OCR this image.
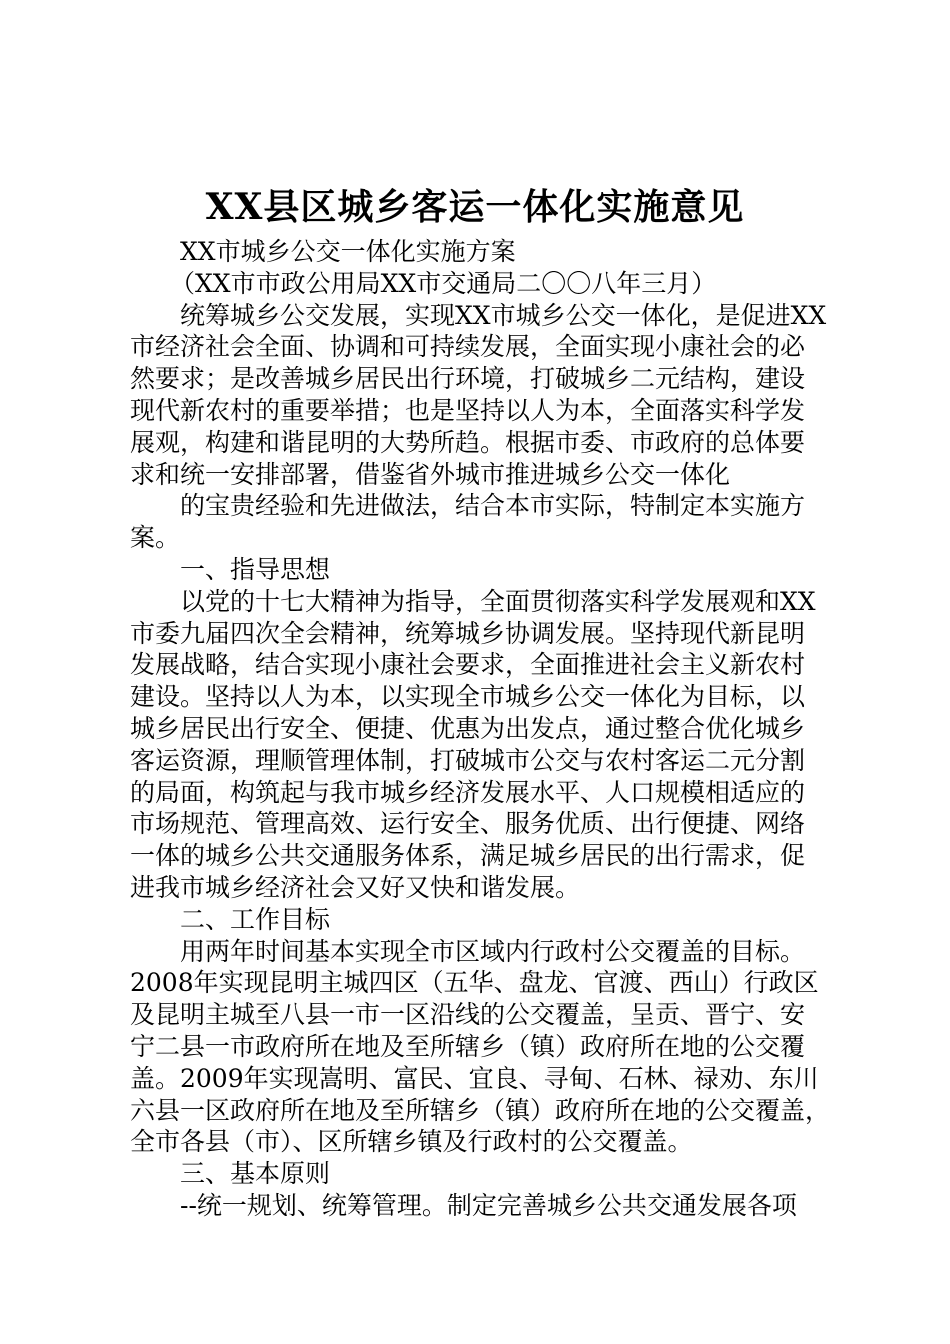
XX县区城乡客运一体化实施意见
XX市城乡公交一体化实施方案
（XX市市政公用局XX市交通局二〇〇八年三月）
统筹城乡公交发展，实现XX市城乡公交一体化，是促进XX
市经济社会全面、协调和可持续发展，全面实现小康社会的必
然要求；是改善城乡居民出行环境，打破城乡二元结构，建设
现代新农村的重要举措；也是坚持以人为本，全面落实科学发
展观，构建和谐昆明的大势所趋。根据市委、市政府的总体要
求和统一安排部署，借鉴省外城市推进城乡公交一体化
的宝贵经验和先进做法，结合本市实际，特制定本实施方
案。
一、指导思想
以党的十七大精神为指导，全面贯彻落实科学发展观和XX
市委九届四次全会精神，统筹城乡协调发展。坚持现代新昆明
发展战略，结合实现小康社会要求，全面推进社会主义新农村
建设。坚持以人为本，以实现全市城乡公交一体化为目标，以
城乡居民出行安全、便捷、优惠为出发点，通过整合优化城乡
客运资源，理顺管理体制，打破城市公交与农村客运二元分割
的局面，构筑起与我市城乡经济发展水平、人口规模相适应的
市场规范、管理高效、运行安全、服务优质、出行便捷、网络
一体的城乡公共交通服务体系，满足城乡居民的出行需求，促
进我市城乡经济社会又好又快和谐发展。
二、工作目标
用两年时间基本实现全市区域内行政村公交覆盖的目标。
2008年实现昆明主城四区（五华、盘龙、官渡、西山）行政区
及昆明主城至八县一市一区沿线的公交覆盖，呈贡、晋宁、安
宁二县一市政府所在地及至所辖乡（镇）政府所在地的公交覆
盖。2009年实现嵩明、富民、宜良、寻甸、石林、禄劝、东川
六县一区政府所在地及至所辖乡（镇）政府所在地的公交覆盖，
全市各县（市）、区所辖乡镇及行政村的公交覆盖。
三、基本原则
--统一规划、统筹管理。制定完善城乡公共交通发展各项
